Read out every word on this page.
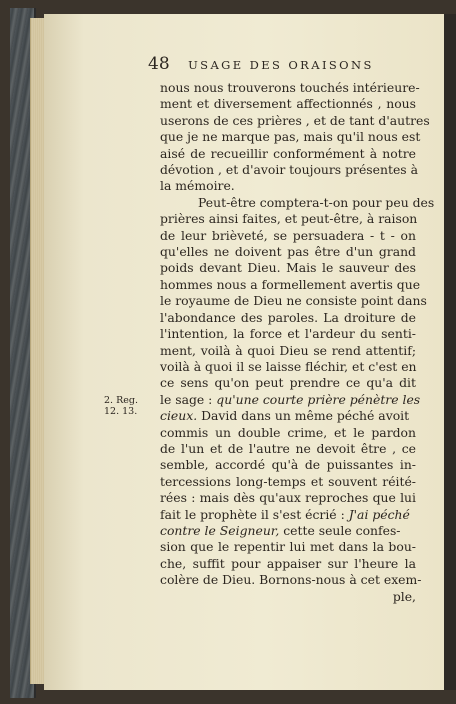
48 USAGE DES ORAISONS
2. Reg.
12. 13.
nous nous trouverons touchés intérieure-
ment et diversement affectionnés , nous
userons de ces prières , et de tant d'autres
que je ne marque pas, mais qu'il nous est
aisé de recueillir conformément à notre
dévotion , et d'avoir toujours présentes à
la mémoire.
Peut-être comptera-t-on pour peu des
prières ainsi faites, et peut-être, à raison
de leur brièveté, se persuadera - t - on
qu'elles ne doivent pas être d'un grand
poids devant Dieu. Mais le sauveur des
hommes nous a formellement avertis que
le royaume de Dieu ne consiste point dans
l'abondance des paroles. La droiture de
l'intention, la force et l'ardeur du senti-
ment, voilà à quoi Dieu se rend attentif;
voilà à quoi il se laisse fléchir, et c'est en
ce sens qu'on peut prendre ce qu'a dit
le sage : qu'une courte prière pénètre les
cieux. David dans un même péché avoit
commis un double crime, et le pardon
de l'un et de l'autre ne devoit être , ce
semble, accordé qu'à de puissantes in-
tercessions long-temps et souvent réité-
rées : mais dès qu'aux reproches que lui
fait le prophète il s'est écrié : J'ai péché
contre le Seigneur, cette seule confes-
sion que le repentir lui met dans la bou-
che, suffit pour appaiser sur l'heure la
colère de Dieu. Bornons-nous à cet exem-
ple,
